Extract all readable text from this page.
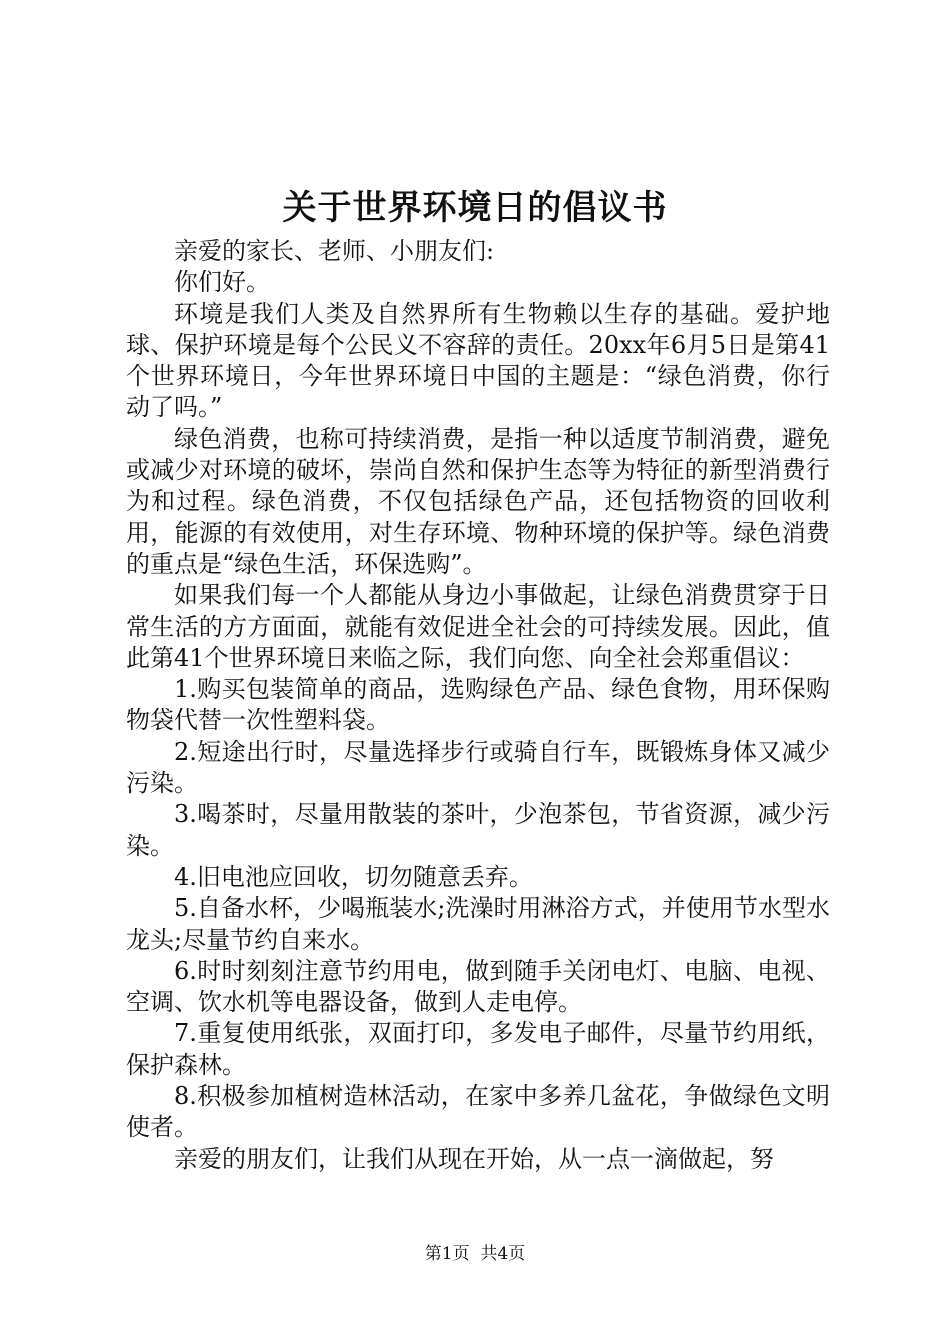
关于世界环境日的倡议书

亲爱的家长、老师、小朋友们:

你们好。

环境是我们人类及自然界所有生物赖以生存的基础。爱护地球、保护环境是每个公民义不容辞的责任。20xx年6月5日是第41个世界环境日，今年世界环境日中国的主题是：“绿色消费，你行动了吗。”

绿色消费，也称可持续消费，是指一种以适度节制消费，避免或减少对环境的破坏，崇尚自然和保护生态等为特征的新型消费行为和过程。绿色消费，不仅包括绿色产品，还包括物资的回收利用，能源的有效使用，对生存环境、物种环境的保护等。绿色消费的重点是“绿色生活，环保选购”。

如果我们每一个人都能从身边小事做起，让绿色消费贯穿于日常生活的方方面面，就能有效促进全社会的可持续发展。因此，值此第41个世界环境日来临之际，我们向您、向全社会郑重倡议：

1.购买包装简单的商品，选购绿色产品、绿色食物，用环保购物袋代替一次性塑料袋。

2.短途出行时，尽量选择步行或骑自行车，既锻炼身体又减少污染。

3.喝茶时，尽量用散装的茶叶，少泡茶包，节省资源，减少污染。

4.旧电池应回收，切勿随意丢弃。

5.自备水杯，少喝瓶装水;洗澡时用淋浴方式，并使用节水型水龙头;尽量节约自来水。

6.时时刻刻注意节约用电，做到随手关闭电灯、电脑、电视、空调、饮水机等电器设备，做到人走电停。

7.重复使用纸张，双面打印，多发电子邮件，尽量节约用纸，保护森林。

8.积极参加植树造林活动，在家中多养几盆花，争做绿色文明使者。

亲爱的朋友们，让我们从现在开始，从一点一滴做起，努

第1页  共4页
